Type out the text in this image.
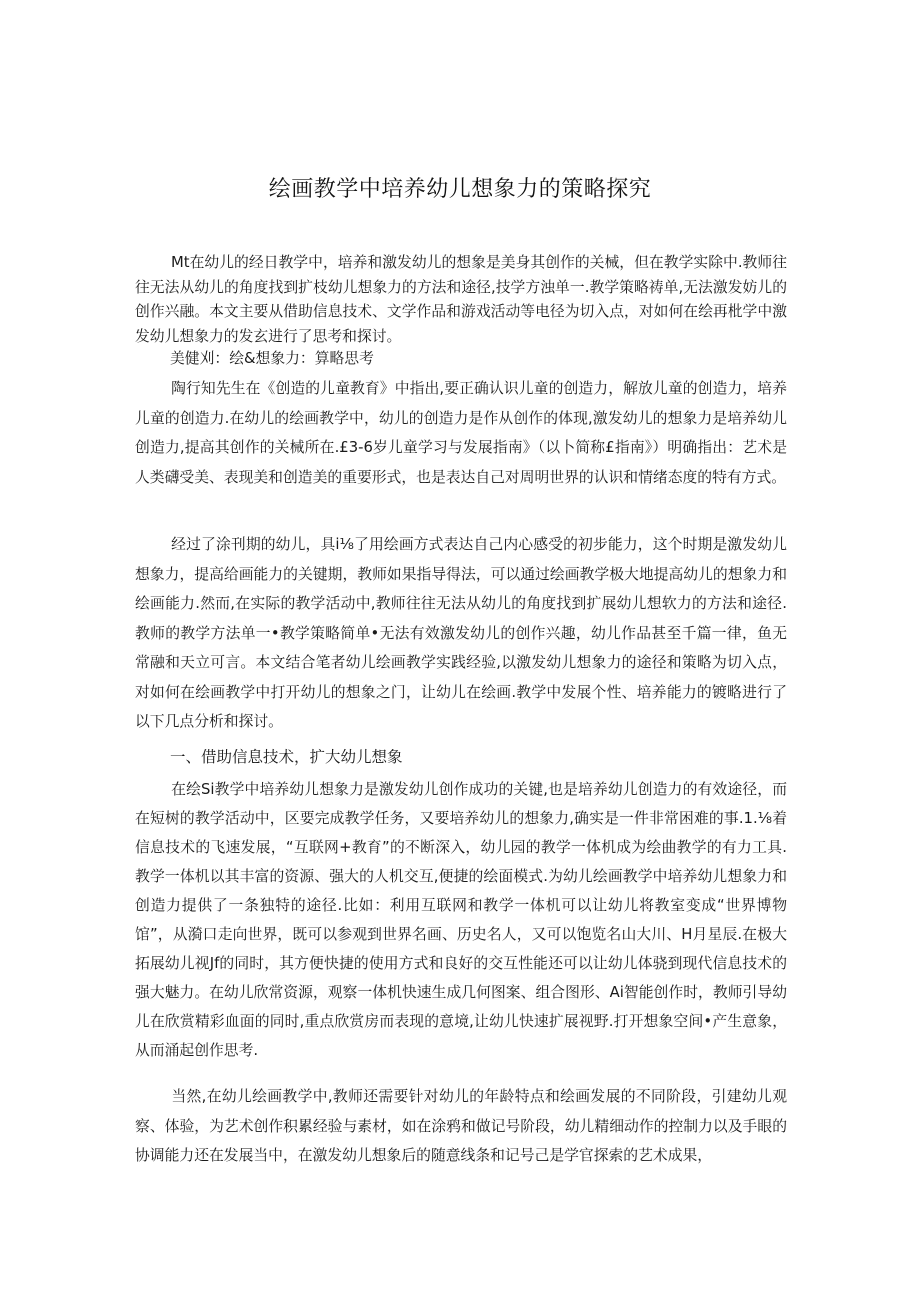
绘画教学中培养幼儿想象力的策略探究
Mt在幼儿的经日教学中，培养和激发幼儿的想象是美身其创作的关械，但在教学实除中.教师往往无法从幼儿的角度找到扩枝幼儿想象力的方法和途径,技学方浊单一.教学策略祷单,无法激发妨儿的创作兴融。本文主要从借助信息技术、文学作品和游戏活动等电径为切入点，对如何在绘再枇学中激发幼儿想象力的发玄进行了思考和探讨。
美健刈：绘&想象力：算略思考
陶行知先生在《创造的儿童教育》中指出,要正确认识儿童的创造力，解放儿童的创造力，培养儿童的创造力.在幼儿的绘画教学中，幼儿的创造力是作从创作的体现,激发幼儿的想象力是培养幼儿创造力,提高其创作的关械所在.£3-6岁儿童学习与发展指南》（以卜简称£指南》）明确指出：艺术是人类礴受美、表现美和创造美的重要形式，也是表达自己对周明世界的认识和情绪态度的特有方式。
经过了涂刊期的幼儿，具i⅛了用绘画方式表达自己内心感受的初步能力，这个时期是激发幼儿想象力，提高给画能力的关键期，教师如果指导得法，可以通过绘画教学极大地提高幼儿的想象力和绘画能力.然而,在实际的教学活动中,教师往往无法从幼儿的角度找到扩展幼儿想软力的方法和途径.教师的教学方法单一•教学策略简单•无法有效激发幼儿的创作兴趣，幼儿作品甚至千篇一律，鱼无常融和天立可言。本文结合笔者幼儿绘画教学实践经验,以激发幼儿想象力的途径和策略为切入点，对如何在绘画教学中打开幼儿的想象之门，让幼儿在绘画.教学中发展个性、培养能力的镀略进行了以下几点分析和探讨。
一、借助信息技术，扩大幼儿想象
在绘Si教学中培养幼儿想象力是激发幼儿创作成功的关键,也是培养幼儿创造力的有效途径，而在短树的教学活动中，区要完成教学任务，又要培养幼儿的想象力,确实是一件非常困难的事.1.⅛着信息技术的飞速发展，“互联网+教育”的不断深入，幼儿园的教学一体机成为绘曲教学的有力工具.教学一体机以其丰富的资源、强大的人机交互,便捷的绘面模式.为幼儿绘画教学中培养幼儿想象力和创造力提供了一条独特的途径.比如：利用互联网和教学一体机可以让幼儿将教室变成“世界博物馆”，从漪口走向世界，既可以参观到世界名画、历史名人，又可以饱览名山大川、H月星辰.在极大拓展幼儿视Jf的同时，其方便快捷的使用方式和良好的交互性能还可以让幼儿体骁到现代信息技术的强大魅力。在幼儿欣常资源，观察一体机快速生成几何图案、组合图形、Ai智能创作时，教师引导幼儿在欣赏精彩血面的同时,重点欣赏房而表现的意境,让幼儿快速扩展视野.打开想象空间•产生意象，从而涌起创作思考.
当然,在幼儿绘画教学中,教师还需要针对幼儿的年龄特点和绘画发展的不同阶段，引建幼儿观察、体验，为艺术创作积累经验与素材，如在涂鸦和做记号阶段，幼儿精细动作的控制力以及手眼的协调能力还在发展当中，在激发幼儿想象后的随意线条和记号己是学官探索的艺术成果，
